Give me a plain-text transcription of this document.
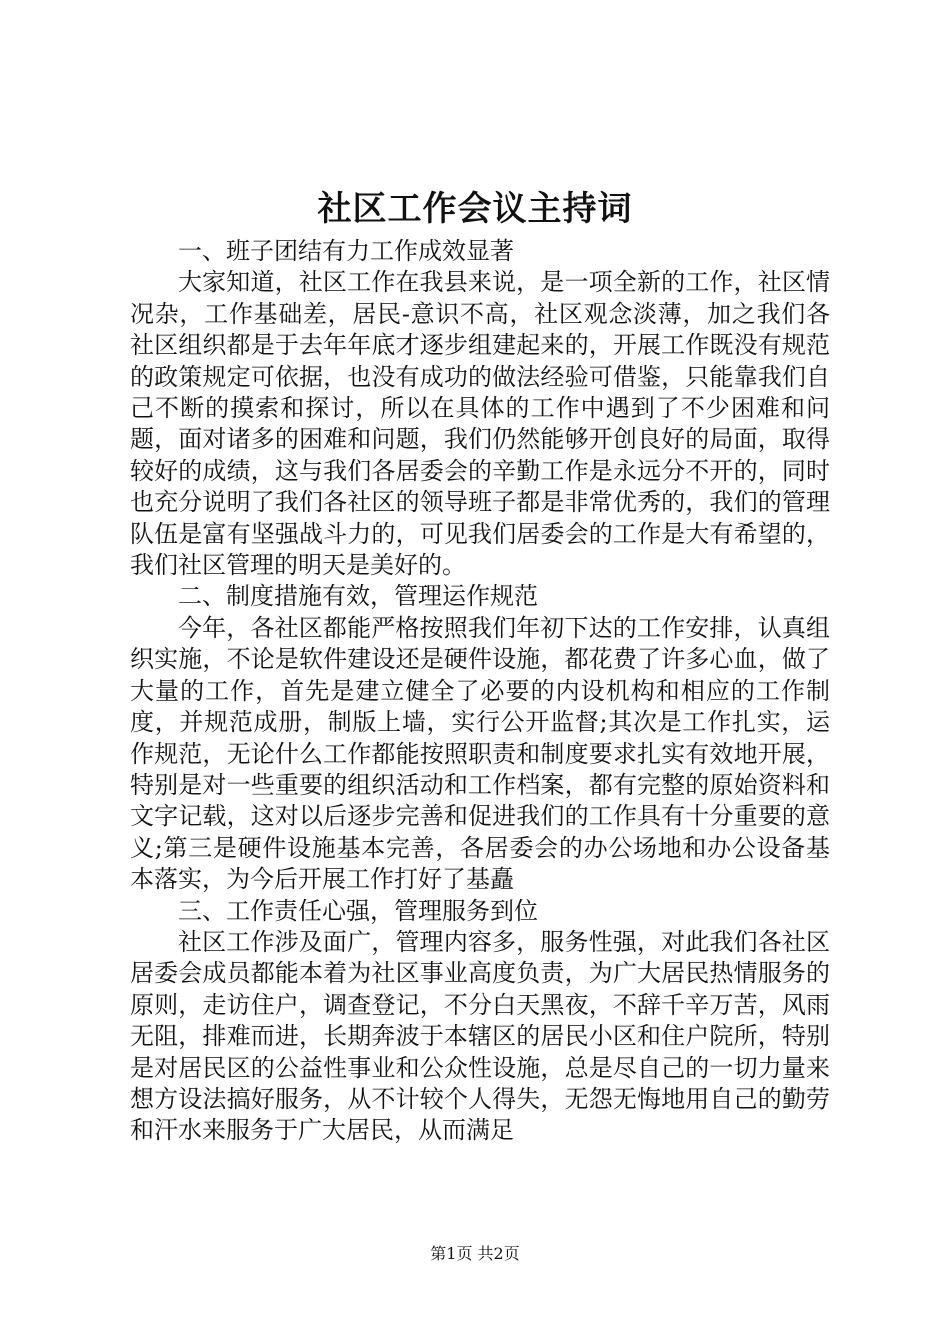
社区工作会议主持词

一、班子团结有力工作成效显著

大家知道，社区工作在我县来说，是一项全新的工作，社区情况杂，工作基础差，居民-意识不高，社区观念淡薄，加之我们各社区组织都是于去年年底才逐步组建起来的，开展工作既没有规范的政策规定可依据，也没有成功的做法经验可借鉴，只能靠我们自己不断的摸索和探讨，所以在具体的工作中遇到了不少困难和问题，面对诸多的困难和问题，我们仍然能够开创良好的局面，取得较好的成绩，这与我们各居委会的辛勤工作是永远分不开的，同时也充分说明了我们各社区的领导班子都是非常优秀的，我们的管理队伍是富有坚强战斗力的，可见我们居委会的工作是大有希望的，我们社区管理的明天是美好的。

二、制度措施有效，管理运作规范

今年，各社区都能严格按照我们年初下达的工作安排，认真组织实施，不论是软件建设还是硬件设施，都花费了许多心血，做了大量的工作，首先是建立健全了必要的内设机构和相应的工作制度，并规范成册，制版上墙，实行公开监督;其次是工作扎实，运作规范，无论什么工作都能按照职责和制度要求扎实有效地开展，特别是对一些重要的组织活动和工作档案，都有完整的原始资料和文字记载，这对以后逐步完善和促进我们的工作具有十分重要的意义;第三是硬件设施基本完善，各居委会的办公场地和办公设备基本落实，为今后开展工作打好了基矗

三、工作责任心强，管理服务到位

社区工作涉及面广，管理内容多，服务性强，对此我们各社区居委会成员都能本着为社区事业高度负责，为广大居民热情服务的原则，走访住户，调查登记，不分白天黑夜，不辞千辛万苦，风雨无阻，排难而进，长期奔波于本辖区的居民小区和住户院所，特别是对居民区的公益性事业和公众性设施，总是尽自己的一切力量来想方设法搞好服务，从不计较个人得失，无怨无悔地用自己的勤劳和汗水来服务于广大居民，从而满足

第1页 共2页
